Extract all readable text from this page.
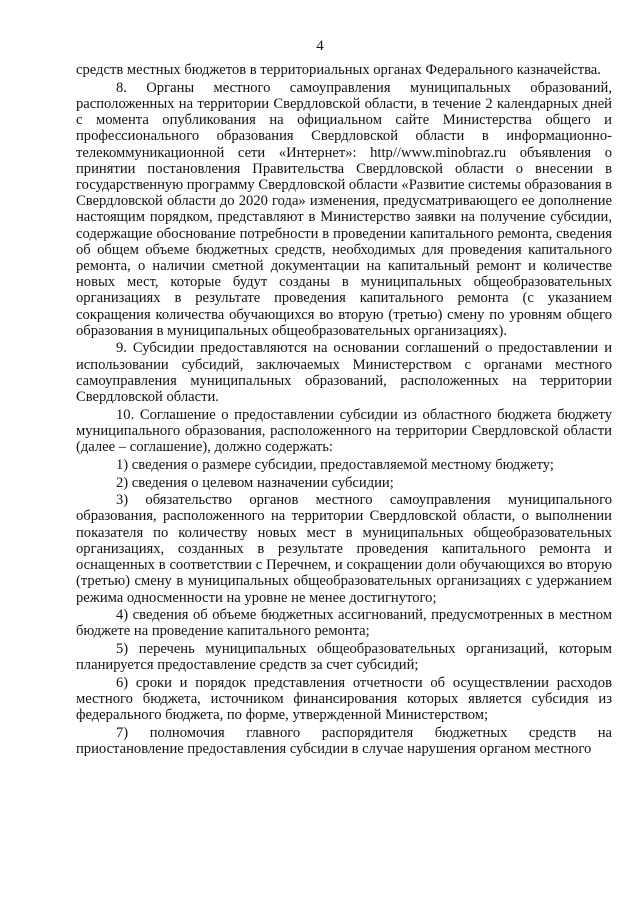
4

средств местных бюджетов в территориальных органах Федерального казначейства.

8. Органы местного самоуправления муниципальных образований, расположенных на территории Свердловской области, в течение 2 календарных дней с момента опубликования на официальном сайте Министерства общего и профессионального образования Свердловской области в информационно-телекоммуникационной сети «Интернет»: http//www.minobraz.ru объявления о принятии постановления Правительства Свердловской области о внесении в государственную программу Свердловской области «Развитие системы образования в Свердловской области до 2020 года» изменения, предусматривающего ее дополнение настоящим порядком, представляют в Министерство заявки на получение субсидии, содержащие обоснование потребности в проведении капитального ремонта, сведения об общем объеме бюджетных средств, необходимых для проведения капитального ремонта, о наличии сметной документации на капитальный ремонт и количестве новых мест, которые будут созданы в муниципальных общеобразовательных организациях в результате проведения капитального ремонта (с указанием сокращения количества обучающихся во вторую (третью) смену по уровням общего образования в муниципальных общеобразовательных организациях).

9. Субсидии предоставляются на основании соглашений о предоставлении и использовании субсидий, заключаемых Министерством с органами местного самоуправления муниципальных образований, расположенных на территории Свердловской области.

10. Соглашение о предоставлении субсидии из областного бюджета бюджету муниципального образования, расположенного на территории Свердловской области (далее – соглашение), должно содержать:

1) сведения о размере субсидии, предоставляемой местному бюджету;

2) сведения о целевом назначении субсидии;

3) обязательство органов местного самоуправления муниципального образования, расположенного на территории Свердловской области, о выполнении показателя по количеству новых мест в муниципальных общеобразовательных организациях, созданных в результате проведения капитального ремонта и оснащенных в соответствии с Перечнем, и сокращении доли обучающихся во вторую (третью) смену в муниципальных общеобразовательных организациях с удержанием режима односменности на уровне не менее достигнутого;

4) сведения об объеме бюджетных ассигнований, предусмотренных в местном бюджете на проведение капитального ремонта;

5) перечень муниципальных общеобразовательных организаций, которым планируется предоставление средств за счет субсидий;

6) сроки и порядок представления отчетности об осуществлении расходов местного бюджета, источником финансирования которых является субсидия из федерального бюджета, по форме, утвержденной Министерством;

7) полномочия главного распорядителя бюджетных средств на приостановление предоставления субсидии в случае нарушения органом местного
